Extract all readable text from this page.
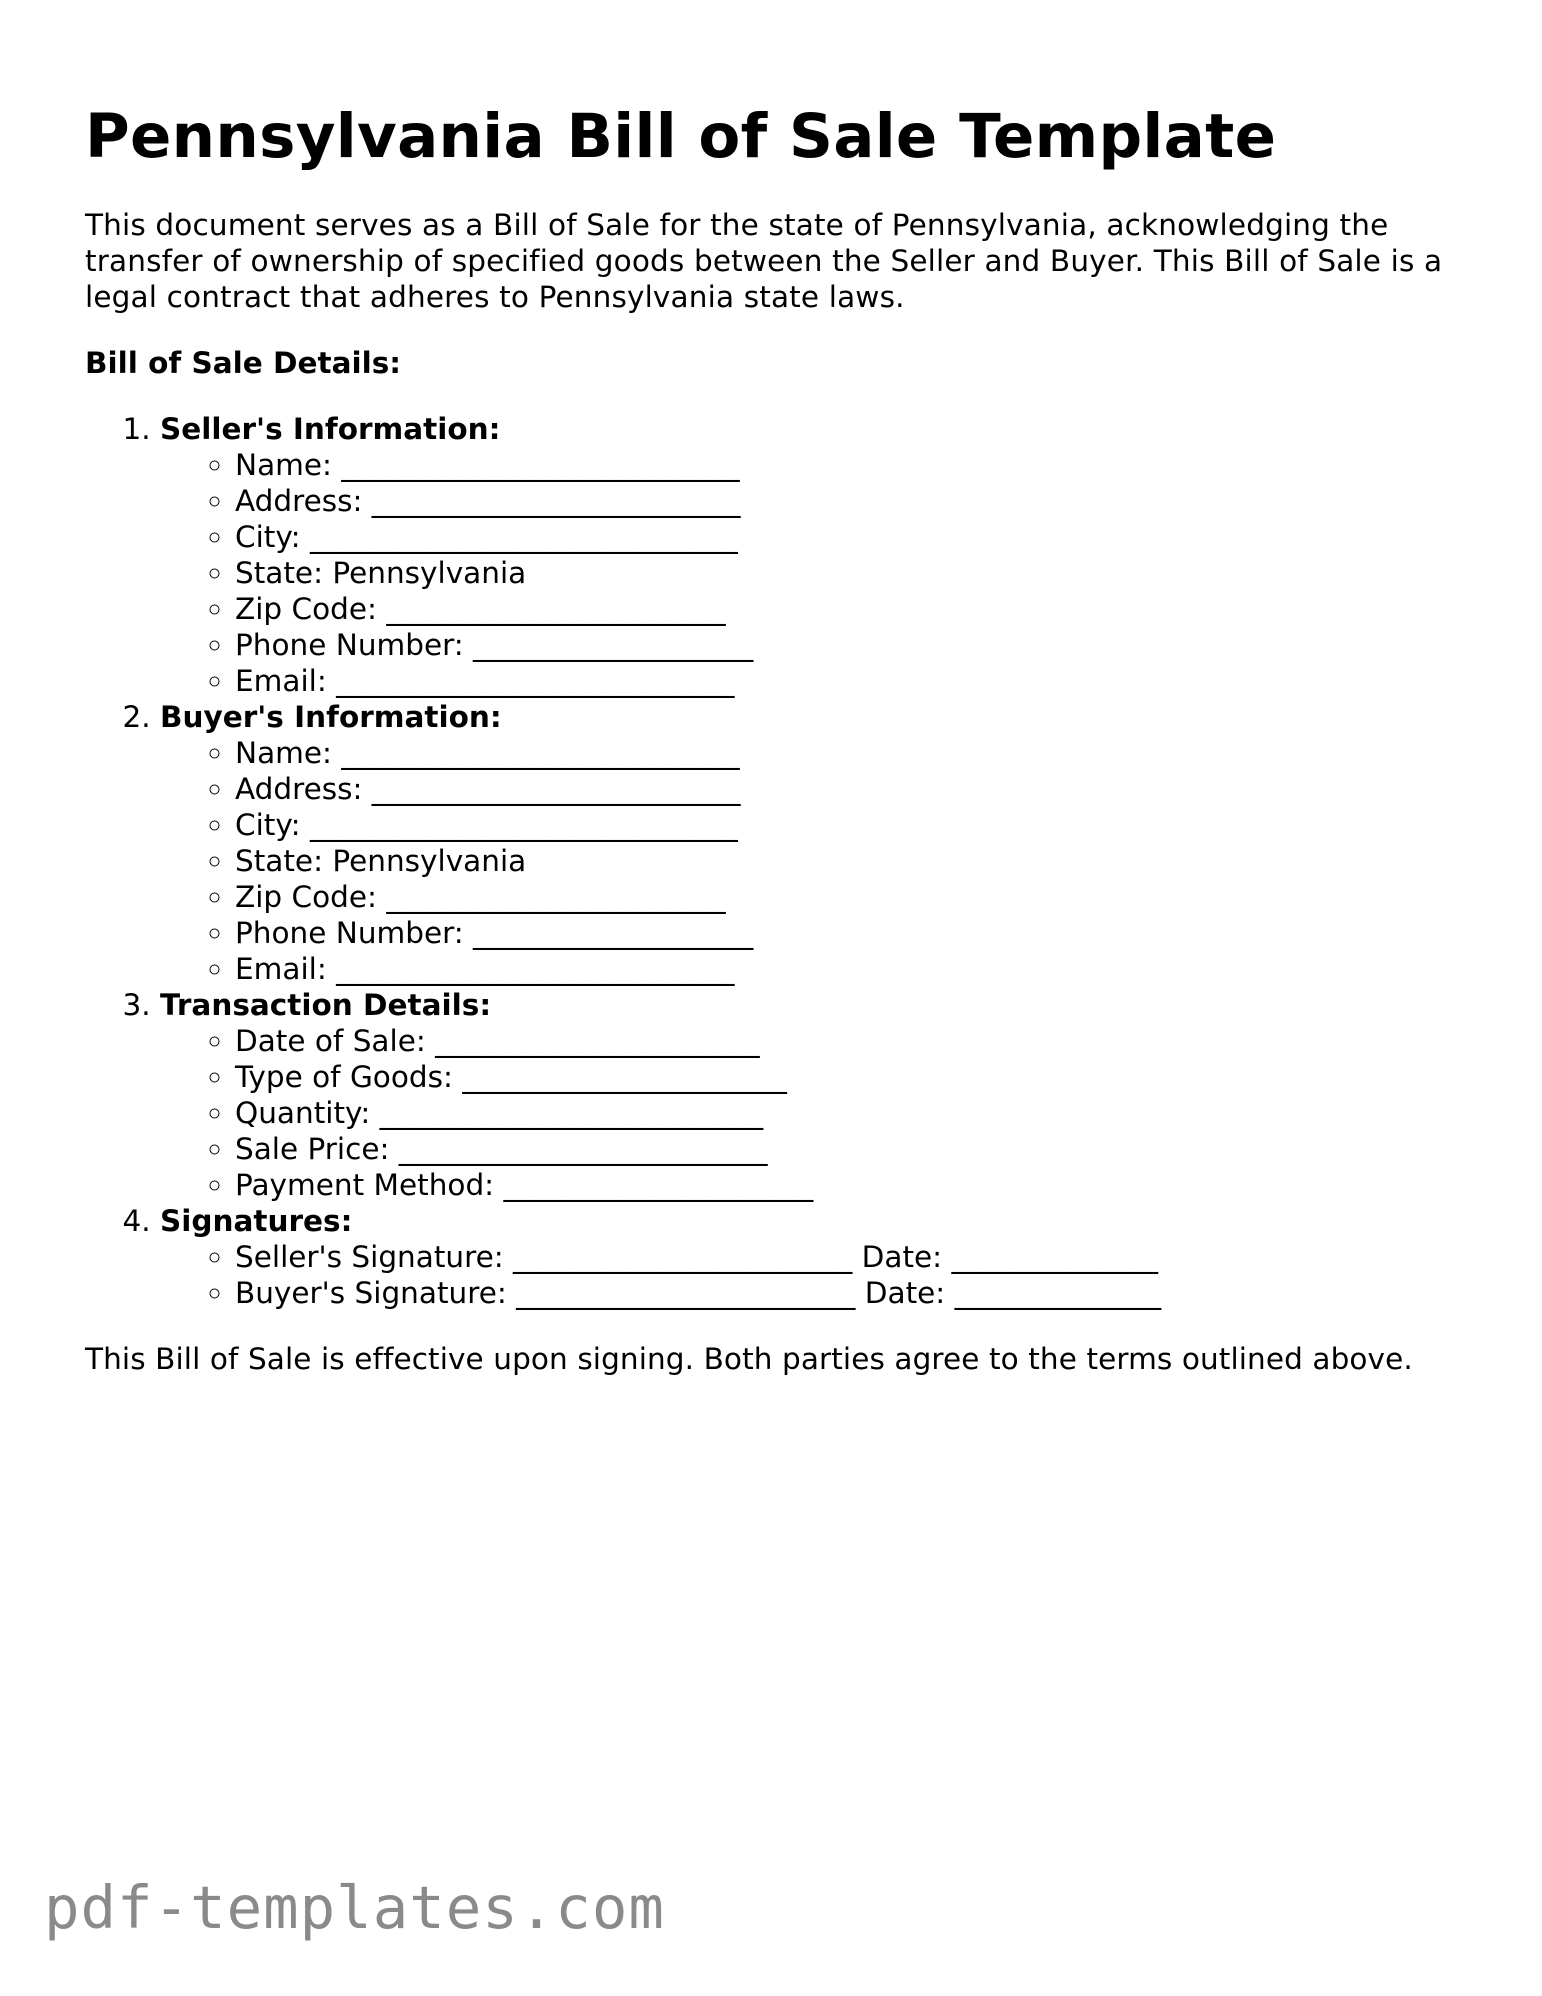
Pennsylvania Bill of Sale Template

This document serves as a Bill of Sale for the state of Pennsylvania, acknowledging the transfer of ownership of specified goods between the Seller and Buyer. This Bill of Sale is a legal contract that adheres to Pennsylvania state laws.

Bill of Sale Details:

1. Seller's Information:
◦ Name: ___________________________
◦ Address: _________________________
◦ City: _____________________________
◦ State: Pennsylvania
◦ Zip Code: _______________________
◦ Phone Number: ___________________
◦ Email: ___________________________
2. Buyer's Information:
◦ Name: ___________________________
◦ Address: _________________________
◦ City: _____________________________
◦ State: Pennsylvania
◦ Zip Code: _______________________
◦ Phone Number: ___________________
◦ Email: ___________________________
3. Transaction Details:
◦ Date of Sale: ______________________
◦ Type of Goods: ______________________
◦ Quantity: __________________________
◦ Sale Price: _________________________
◦ Payment Method: _____________________
4. Signatures:
◦ Seller's Signature: _______________________ Date: ______________
◦ Buyer's Signature: _______________________ Date: ______________

This Bill of Sale is effective upon signing. Both parties agree to the terms outlined above.

pdf-templates.com
